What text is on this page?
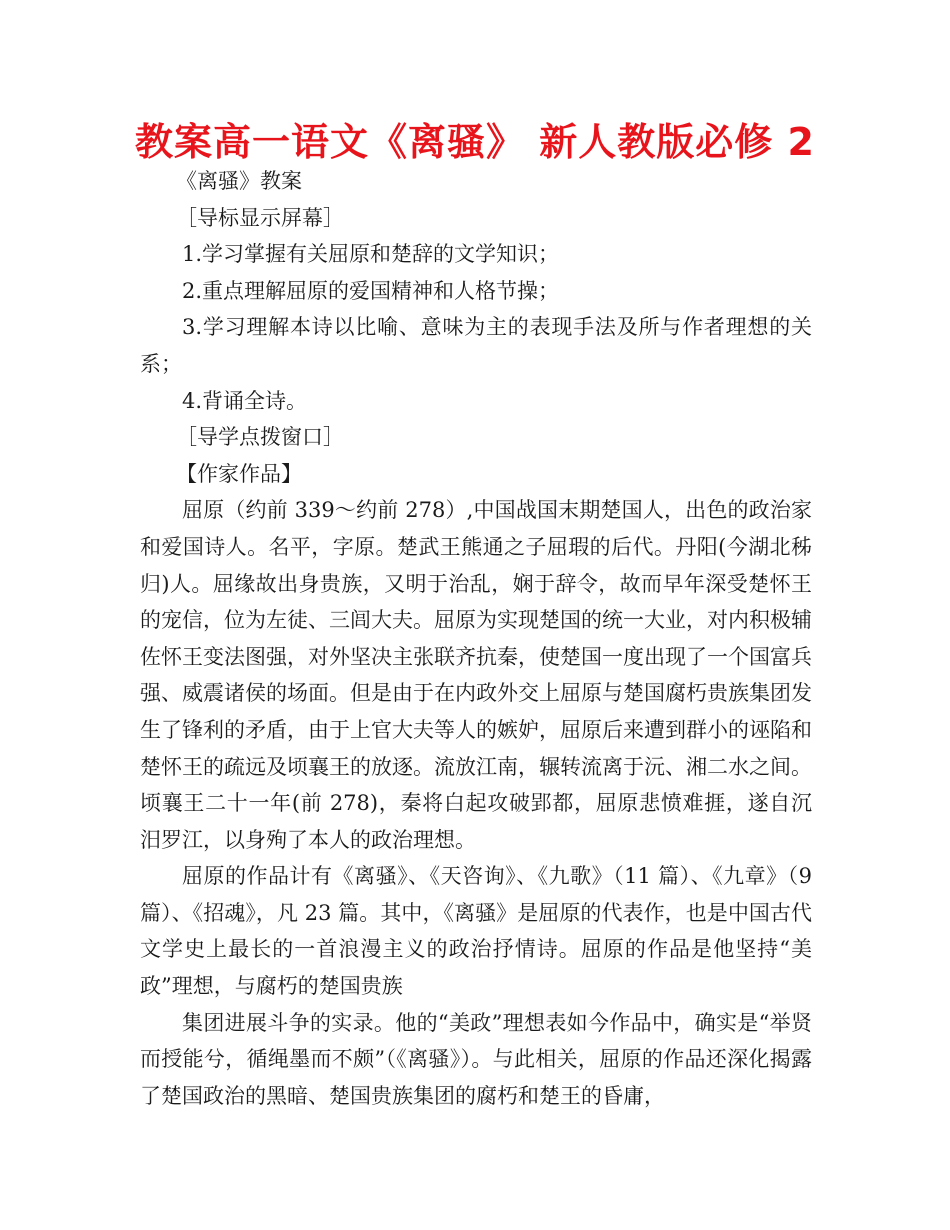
教案高一语文《离骚》 新人教版必修 2

《离骚》教案

［导标显示屏幕］

1.学习掌握有关屈原和楚辞的文学知识；

2.重点理解屈原的爱国精神和人格节操；

3.学习理解本诗以比喻、意味为主的表现手法及所与作者理想的关系；

4.背诵全诗。

［导学点拨窗口］

【作家作品】

屈原（约前 339～约前 278）,中国战国末期楚国人，出色的政治家和爱国诗人。名平，字原。楚武王熊通之子屈瑕的后代。丹阳(今湖北秭归)人。屈缘故出身贵族，又明于治乱，娴于辞令，故而早年深受楚怀王的宠信，位为左徒、三闾大夫。屈原为实现楚国的统一大业，对内积极辅佐怀王变法图强，对外坚决主张联齐抗秦，使楚国一度出现了一个国富兵强、威震诸侯的场面。但是由于在内政外交上屈原与楚国腐朽贵族集团发生了锋利的矛盾，由于上官大夫等人的嫉妒，屈原后来遭到群小的诬陷和楚怀王的疏远及顷襄王的放逐。流放江南，辗转流离于沅、湘二水之间。顷襄王二十一年(前 278)，秦将白起攻破郢都，屈原悲愤难捱，遂自沉汨罗江，以身殉了本人的政治理想。

屈原的作品计有《离骚》、《天咨询》、《九歌》（11 篇）、《九章》（9 篇）、《招魂》，凡 23 篇。其中，《离骚》是屈原的代表作，也是中国古代文学史上最长的一首浪漫主义的政治抒情诗。屈原的作品是他坚持“美政”理想，与腐朽的楚国贵族

集团进展斗争的实录。他的“美政”理想表如今作品中，确实是“举贤而授能兮，循绳墨而不颇”（《离骚》）。与此相关，屈原的作品还深化揭露了楚国政治的黑暗、楚国贵族集团的腐朽和楚王的昏庸，
